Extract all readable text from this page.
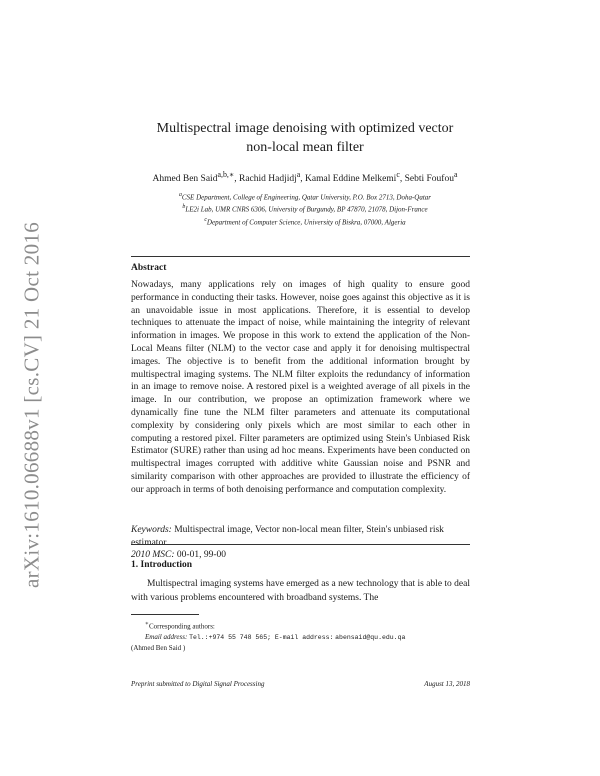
arXiv:1610.06688v1 [cs.CV] 21 Oct 2016
Multispectral image denoising with optimized vector
non-local mean filter
Ahmed Ben Said$^{a,b,∗}$, Rachid Hadjidj$^a$, Kamal Eddine Melkemi$^c$, Sebti Foufou$^a$
$^a$CSE Department, College of Engineering, Qatar University, P.O. Box 2713, Doha-Qatar
$^b$LE2i Lab, UMR CNRS 6306, University of Burgundy, BP 47870, 21078, Dijon-France
$^c$Department of Computer Science, University of Biskra, 07000, Algeria
Abstract
Nowadays, many applications rely on images of high quality to ensure good performance in conducting their tasks. However, noise goes against this objective as it is an unavoidable issue in most applications. Therefore, it is essential to develop techniques to attenuate the impact of noise, while maintaining the integrity of relevant information in images. We propose in this work to extend the application of the Non-Local Means filter (NLM) to the vector case and apply it for denoising multispectral images. The objective is to benefit from the additional information brought by multispectral imaging systems. The NLM filter exploits the redundancy of information in an image to remove noise. A restored pixel is a weighted average of all pixels in the image. In our contribution, we propose an optimization framework where we dynamically fine tune the NLM filter parameters and attenuate its computational complexity by considering only pixels which are most similar to each other in computing a restored pixel. Filter parameters are optimized using Stein's Unbiased Risk Estimator (SURE) rather than using ad hoc means. Experiments have been conducted on multispectral images corrupted with additive white Gaussian noise and PSNR and similarity comparison with other approaches are provided to illustrate the efficiency of our approach in terms of both denoising performance and computation complexity.
Keywords: Multispectral image, Vector non-local mean filter, Stein's unbiased risk estimator
2010 MSC: 00-01, 99-00
1. Introduction
Multispectral imaging systems have emerged as a new technology that is able to deal with various problems encountered with broadband systems. The
∗Corresponding authors:
Email address: Tel.:+974 55 748 565; E-mail address: abensaid@qu.edu.qa
(Ahmed Ben Said )
Preprint submitted to Digital Signal Processing	August 13, 2018
